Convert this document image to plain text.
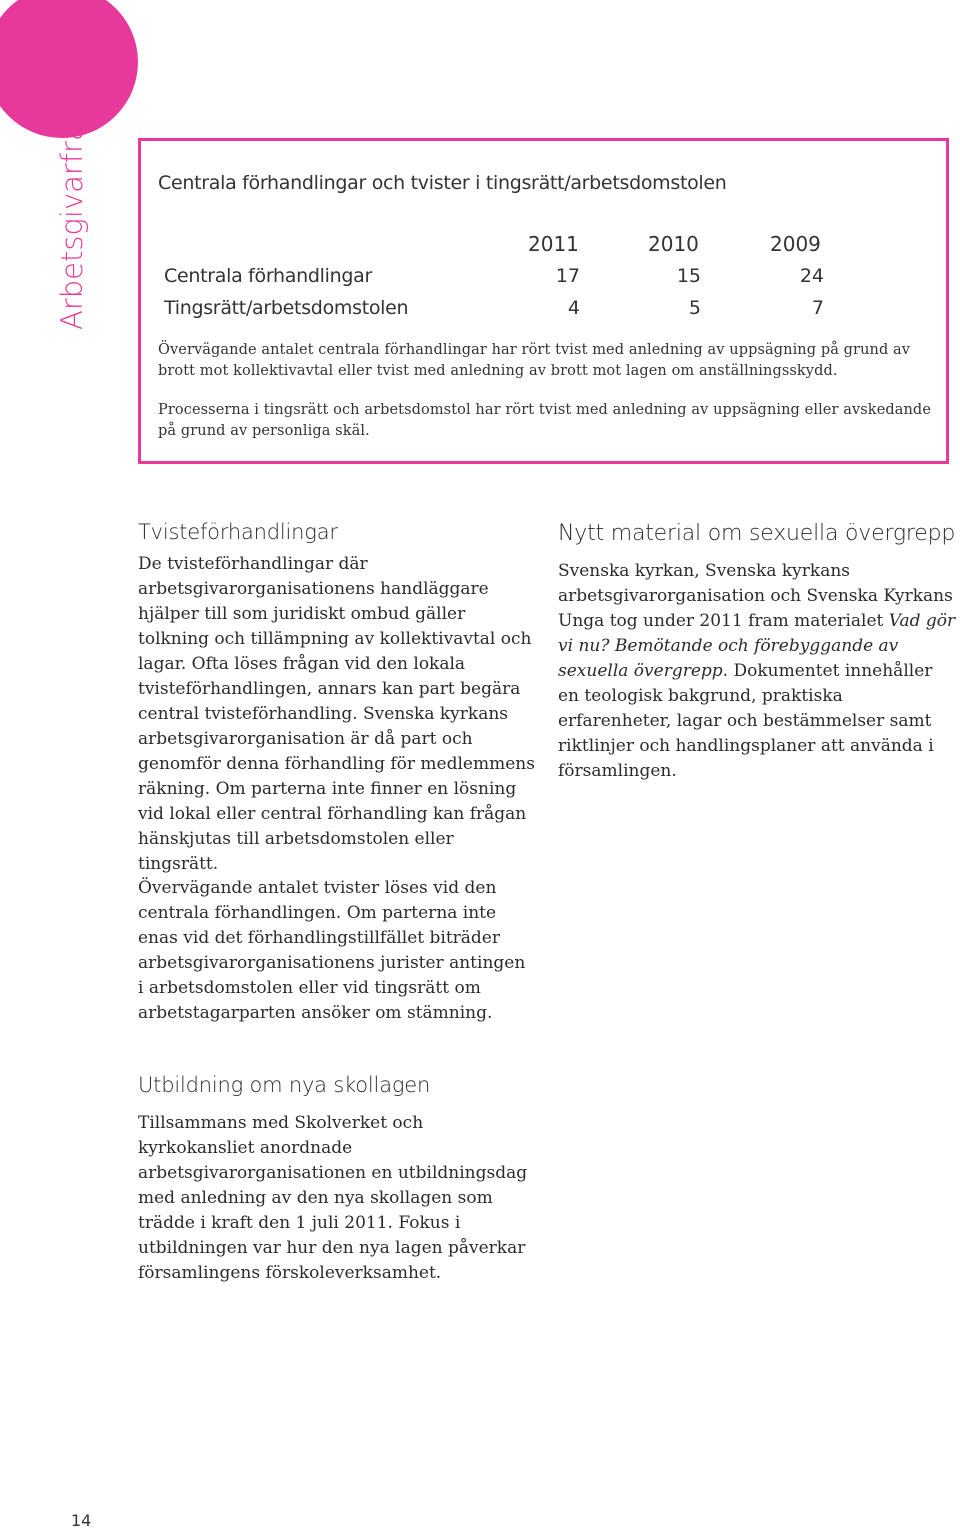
Arbetsgivarfrågor	Centrala förhandlingar och tvister i tingsrätt/arbetsdomstolen
2011	2010	2009
Centrala förhandlingar	17	15	24
Tingsrätt/arbetsdomstolen	4	5	7
Övervägande antalet centrala förhandlingar har rört tvist med anledning av uppsägning på grund av brott mot kollektivavtal eller tvist med anledning av brott mot lagen om anställningsskydd.
Processerna i tingsrätt och arbetsdomstol har rört tvist med anledning av uppsägning eller avskedande på grund av personliga skäl.
Tvisteförhandlingar
De tvisteförhandlingar där arbetsgivarorganisationens handläggare hjälper till som juridiskt ombud gäller tolkning och tillämpning av kollektivavtal och lagar. Ofta löses frågan vid den lokala tvisteförhandlingen, annars kan part begära central tvisteförhandling. Svenska kyrkans arbetsgivarorganisation är då part och genomför denna förhandling för medlemmens räkning. Om parterna inte finner en lösning vid lokal eller central förhandling kan frågan hänskjutas till arbetsdomstolen eller tingsrätt.
Övervägande antalet tvister löses vid den centrala förhandlingen. Om parterna inte enas vid det förhandlingstillfället biträder arbetsgivarorganisationens jurister antingen i arbetsdomstolen eller vid tingsrätt om arbetstagarparten ansöker om stämning.
Nytt material om sexuella övergrepp
Svenska kyrkan, Svenska kyrkans arbetsgivarorganisation och Svenska Kyrkans Unga tog under 2011 fram materialet Vad gör vi nu? Bemötande och förebyggande av sexuella övergrepp. Dokumentet innehåller en teologisk bakgrund, praktiska erfarenheter, lagar och bestämmelser samt riktlinjer och handlingsplaner att använda i församlingen.
Utbildning om nya skollagen
Tillsammans med Skolverket och kyrkokansliet anordnade arbetsgivarorganisationen en utbildningsdag med anledning av den nya skollagen som trädde i kraft den 1 juli 2011. Fokus i utbildningen var hur den nya lagen påverkar församlingens förskoleverksamhet.
14
